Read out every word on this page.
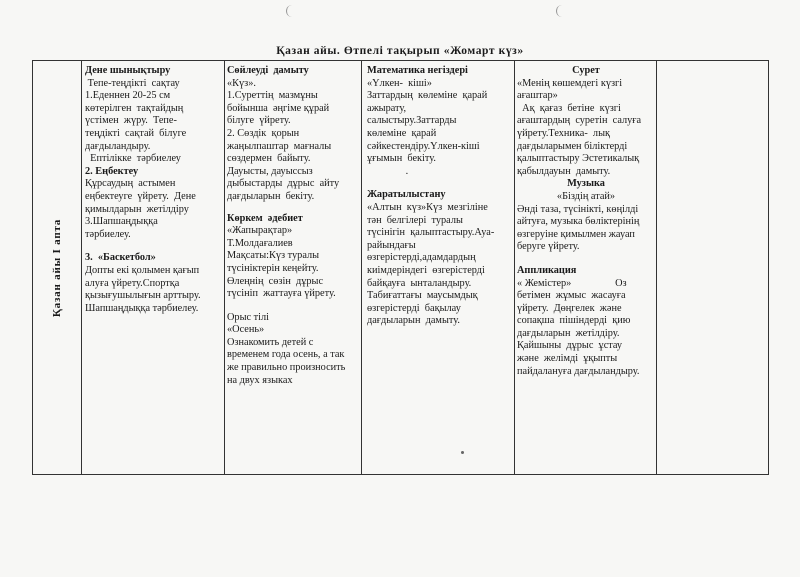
Қазан айы. Өтпелі тақырып «Жомарт күз»
Қазан айы І апта

Дене шынықтыру

Тепе-теңдікті  сақтау

1.Еденнен 20-25 см

көтерілген  тақтайдың

үстімен  жүру.  Тепе-

теңдікті  сақтай  білуге

дағдыландыру.

Ептілікке  тәрбиелеу

2. Еңбектеу

Құрсаудың  астымен

еңбектеуге  үйрету.  Дене

қимылдарын  жетілдіру

3.Шапшаңдыққа

тәрбиелеу.

3.  «Баскетбол»

Допты екі қолымен қағып

алуға үйрету.Спортқа

қызығушылығын арттыру.

Шапшаңдыққа тәрбиелеу.

Сөйлеуді  дамыту

«Күз».

1.Суреттің  мазмұны

бойынша  әңгіме құрай

білуге  үйрету.

2. Сөздік  қорын

жаңылпаштар  мағналы

сөздермен  байыту.

Дауысты, дауыссыз

дыбыстарды  дұрыс  айту

дағдыларын  бекіту.

Көркем  әдебиет

«Жапырақтар»

Т.Молдағалиев

Мақсаты:Күз туралы

түсініктерін кеңейту.

Өлеңнің  сөзін  дұрыс

түсініп  жаттауға үйрету.

Орыс тілі

«Осень»

Ознакомить детей с

временем года осень, а так

же правильно произносить

на двух языках

Математика негіздері

«Үлкен-  кіші»

Заттардың  көлеміне  қарай

ажырату,

салыстыру.Заттарды

көлеміне  қарай

сәйкестендіру.Үлкен-кіші

ұғымын  бекіту.

.

Жаратылыстану

«Алтын  күз»Күз  мезгіліне

тән  белгілері  туралы

түсінігін  қалыптастыру.Ауа-

райындағы

өзгерістерді,адамдардың

киімдеріндегі  өзгерістерді

байқауға  ынталандыру.

Табиғаттағы  маусымдық

өзгерістерді  бақылау

дағдыларын  дамыту.

Сурет

«Менің көшемдегі күзгі

ағаштар»

Ақ  қағаз  бетіне  күзгі

ағаштардың  суретін  салуға

үйрету.Техника-  лық

дағдыларымен біліктерді

қалыптастыру Эстетикалық

қабылдауын  дамыту.

Музыка

«Біздің атай»

Әнді таза, түсінікті, көңілді

айтуға, музыка бөліктерінің

өзгеруіне қимылмен жауап

беруге үйрету.

Аппликация

« Жемістер»                 Оз

бетімен  жұмыс  жасауға

үйрету.  Дөңгелек  және

сопақша  пішіндерді  қию

дағдыларын  жетілдіру.

Қайшыны  дұрыс  ұстау

және  желімді  ұқыпты

пайдалануға дағдыландыру.
